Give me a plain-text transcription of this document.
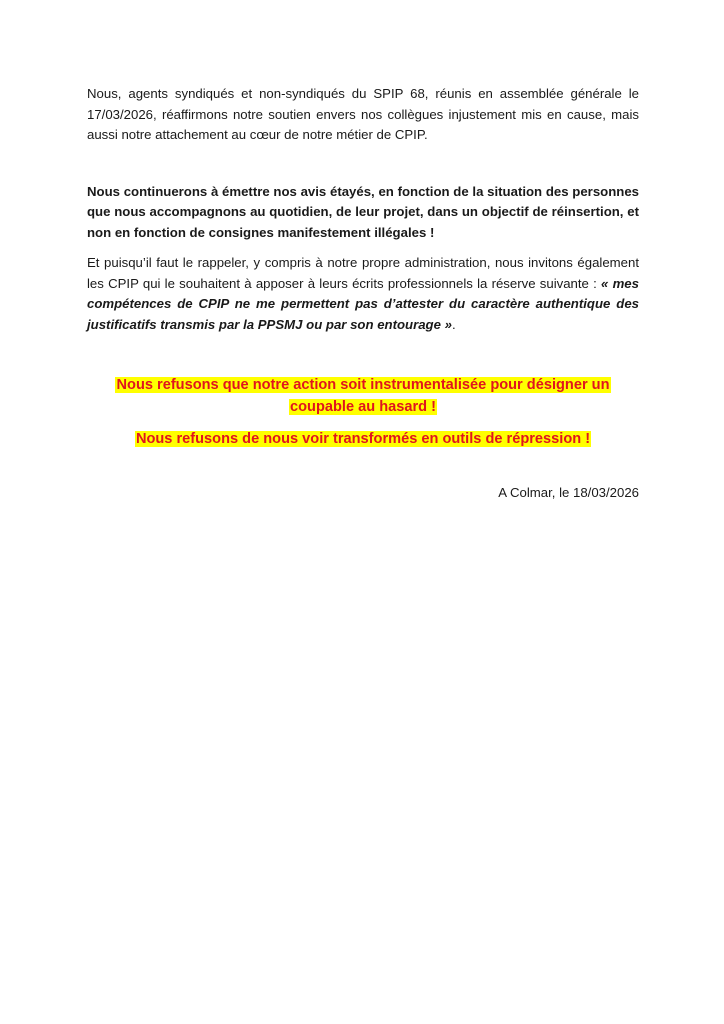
Nous, agents syndiqués et non-syndiqués du SPIP 68, réunis en assemblée générale le 17/03/2026, réaffirmons notre soutien envers nos collègues injustement mis en cause, mais aussi notre attachement au cœur de notre métier de CPIP.

Nous continuerons à émettre nos avis étayés, en fonction de la situation des personnes que nous accompagnons au quotidien, de leur projet, dans un objectif de réinsertion, et non en fonction de consignes manifestement illégales !

Et puisqu’il faut le rappeler, y compris à notre propre administration, nous invitons également les CPIP qui le souhaitent à apposer à leurs écrits professionnels la réserve suivante : « mes compétences de CPIP ne me permettent pas d’attester du caractère authentique des justificatifs transmis par la PPSMJ ou par son entourage ».

Nous refusons que notre action soit instrumentalisée pour désigner un coupable au hasard !

Nous refusons de nous voir transformés en outils de répression !

A Colmar, le 18/03/2026
